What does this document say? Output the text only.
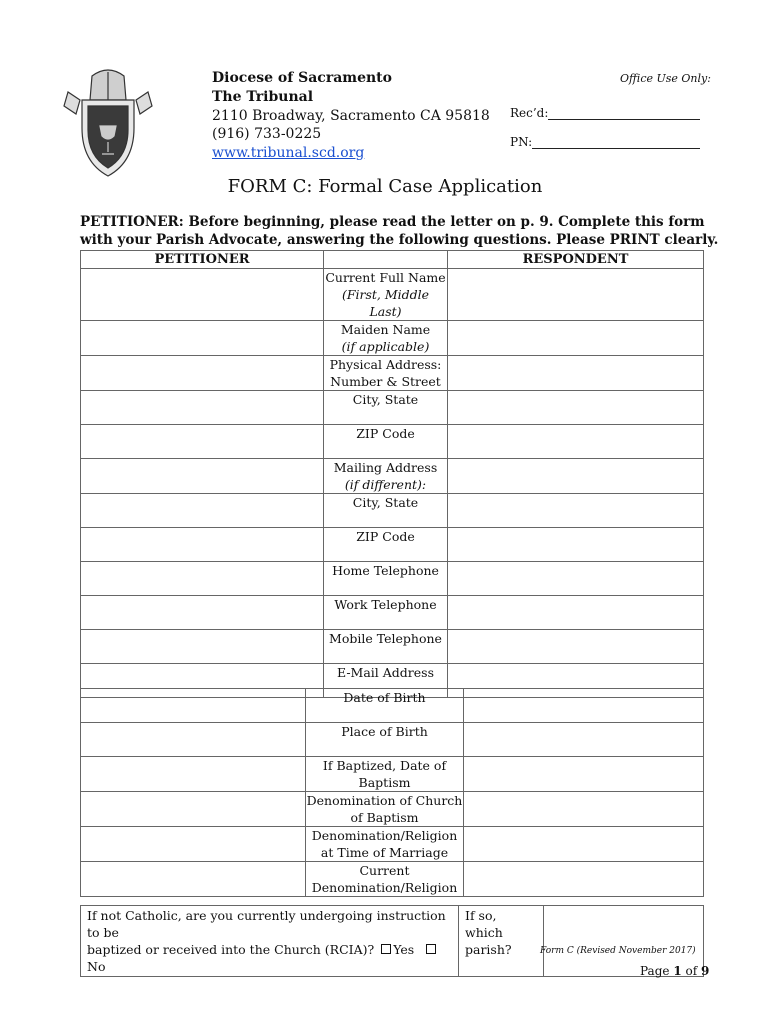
Diocese of Sacramento
The Tribunal
2110 Broadway, Sacramento CA 95818
(916) 733-0225
www.tribunal.scd.org
Office Use Only:
Rec’d:
PN:
FORM C: Formal Case Application
PETITIONER: Before beginning, please read the letter on p. 9. Complete this form with your Parish Advocate, answering the following questions. Please PRINT clearly.
PETITIONER		RESPONDENT

	Current Full Name
(First, Middle Last)	

	Maiden Name
(if applicable)	

	Physical Address:
Number & Street	

	City, State	

	ZIP Code	

	Mailing Address
(if different):	

	City, State	

	ZIP Code	

	Home Telephone	

	Work Telephone	

	Mobile Telephone	

	E-Mail Address	

	Date of Birth	

	Place of Birth	

	If Baptized, Date of
Baptism	

	Denomination of Church
of Baptism	

	Denomination/Religion
at Time of Marriage	

	Current
Denomination/Religion	

If not Catholic, are you currently undergoing instruction to be
baptized or received into the Church (RCIA)? Yes No	If so, which
parish?		Form C (Revised November 2017)
Page 1 of 9
